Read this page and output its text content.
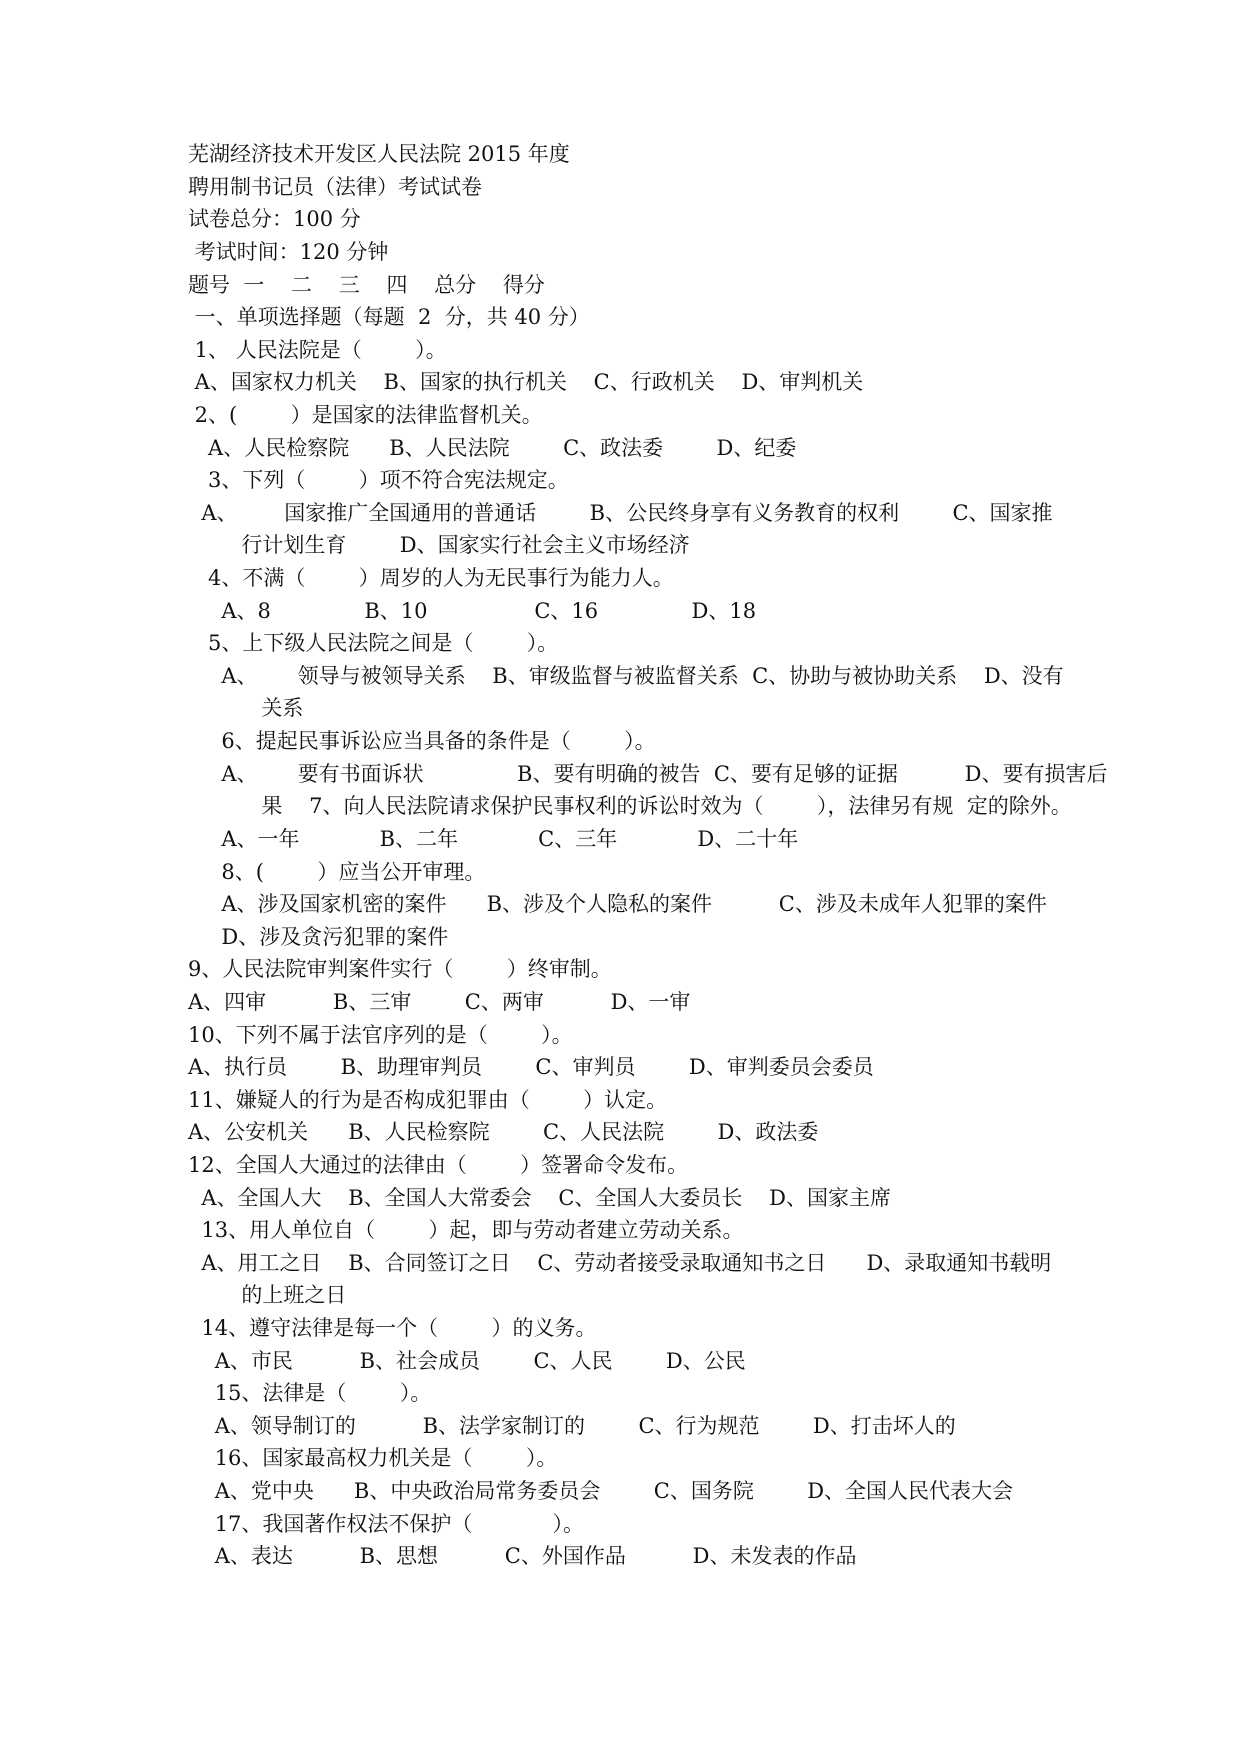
芜湖经济技术开发区人民法院 2015 年度
聘用制书记员（法律）考试试卷
试卷总分：100 分
考试时间：120 分钟
题号  一    二    三    四    总分    得分
一、单项选择题（每题  2  分，共 40 分）
1、 人民法院是（        ）。
A、国家权力机关    B、国家的执行机关    C、行政机关    D、审判机关
2、(        ）是国家的法律监督机关。
A、人民检察院      B、人民法院        C、政法委        D、纪委
3、下列（        ）项不符合宪法规定。
A、       国家推广全国通用的普通话        B、公民终身享有义务教育的权利        C、国家推
行计划生育        D、国家实行社会主义市场经济
4、不满（        ）周岁的人为无民事行为能力人。
A、8              B、10                C、16              D、18
5、上下级人民法院之间是（        ）。
A、      领导与被领导关系    B、审级监督与被监督关系  C、协助与被协助关系    D、没有
关系
6、提起民事诉讼应当具备的条件是（        ）。
A、      要有书面诉状              B、要有明确的被告  C、要有足够的证据          D、要有损害后
果    7、向人民法院请求保护民事权利的诉讼时效为（        ），法律另有规  定的除外。
A、一年            B、二年            C、三年            D、二十年
8、(        ）应当公开审理。
A、涉及国家机密的案件      B、涉及个人隐私的案件          C、涉及未成年人犯罪的案件
D、涉及贪污犯罪的案件
9、人民法院审判案件实行（        ）终审制。
A、四审          B、三审        C、两审          D、一审
10、下列不属于法官序列的是（        ）。
A、执行员        B、助理审判员        C、审判员        D、审判委员会委员
11、嫌疑人的行为是否构成犯罪由（        ）认定。
A、公安机关      B、人民检察院        C、人民法院        D、政法委
12、全国人大通过的法律由（        ）签署命令发布。
A、全国人大    B、全国人大常委会    C、全国人大委员长    D、国家主席
13、用人单位自（        ）起，即与劳动者建立劳动关系。
A、用工之日    B、合同签订之日    C、劳动者接受录取通知书之日      D、录取通知书载明
的上班之日
14、遵守法律是每一个（        ）的义务。
A、市民          B、社会成员        C、人民        D、公民
15、法律是（        ）。
A、领导制订的          B、法学家制订的        C、行为规范        D、打击坏人的
16、国家最高权力机关是（        ）。
A、党中央      B、中央政治局常务委员会        C、国务院        D、全国人民代表大会
17、我国著作权法不保护（            ）。
A、表达          B、思想          C、外国作品          D、未发表的作品
